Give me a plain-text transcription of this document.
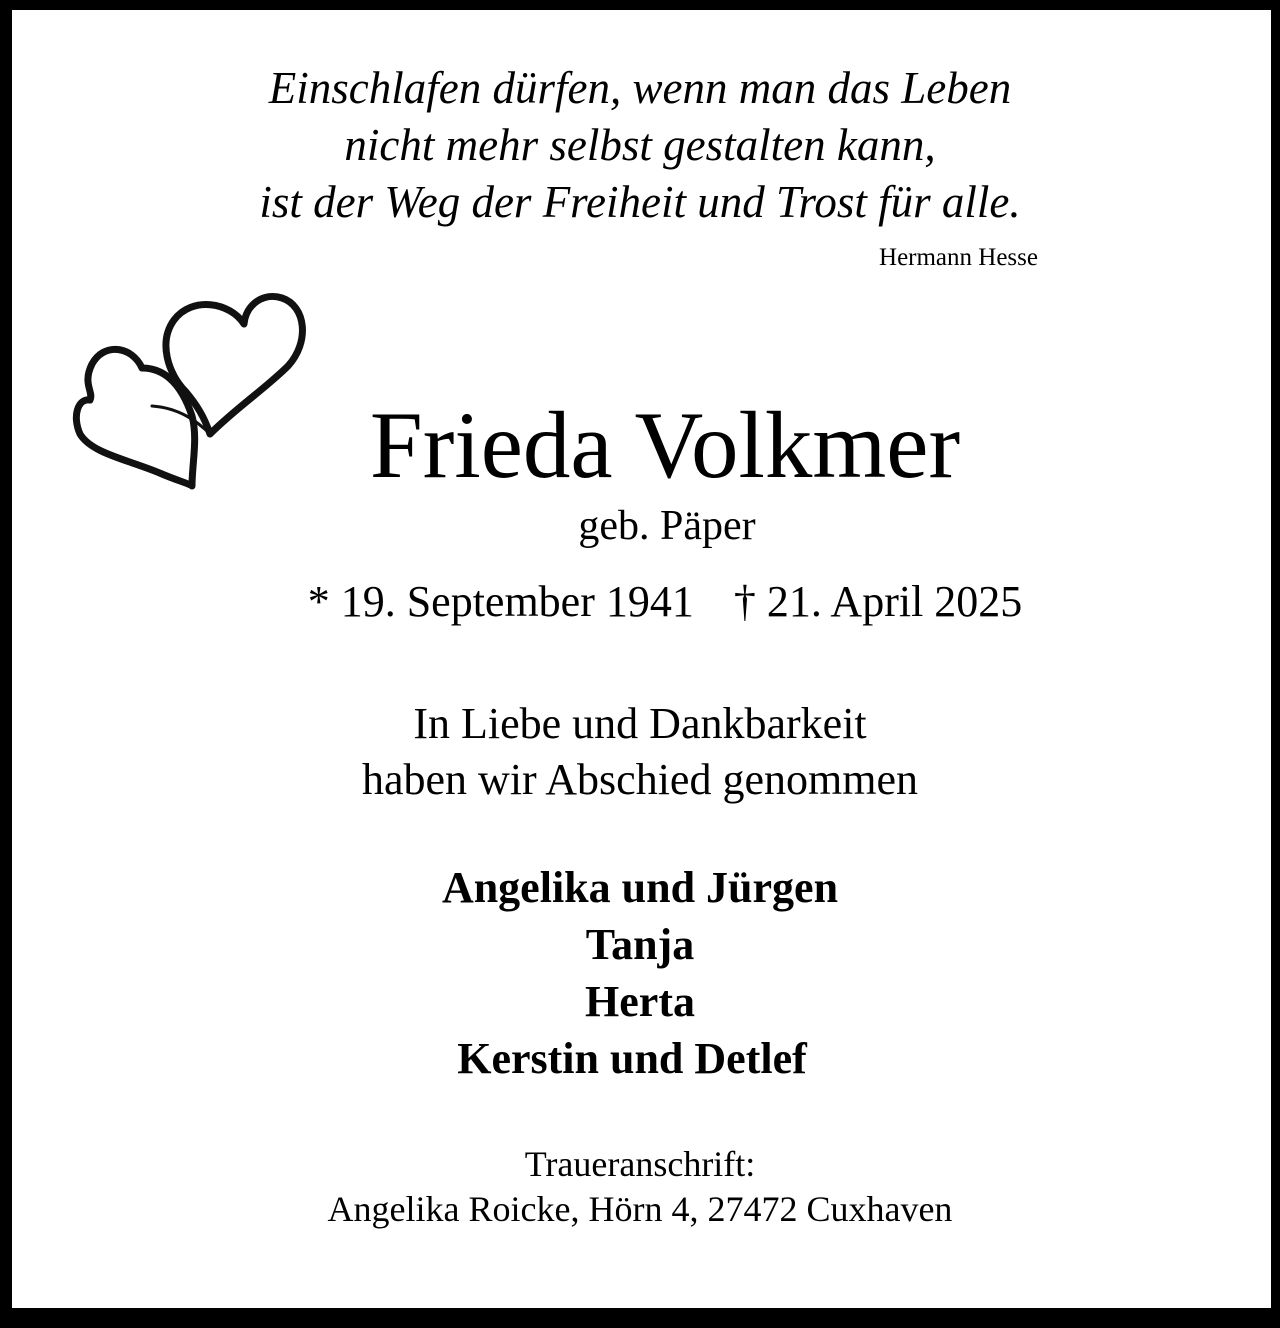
Einschlafen dürfen, wenn man das Leben
nicht mehr selbst gestalten kann,
ist der Weg der Freiheit und Trost für alle.
Hermann Hesse
Frieda Volkmer
geb. Päper
* 19. September 1941 † 21. April 2025
In Liebe und Dankbarkeit
haben wir Abschied genommen
Angelika und Jürgen
Tanja
Herta
Kerstin und Detlef
Traueranschrift:
Angelika Roicke, Hörn 4, 27472 Cuxhaven
